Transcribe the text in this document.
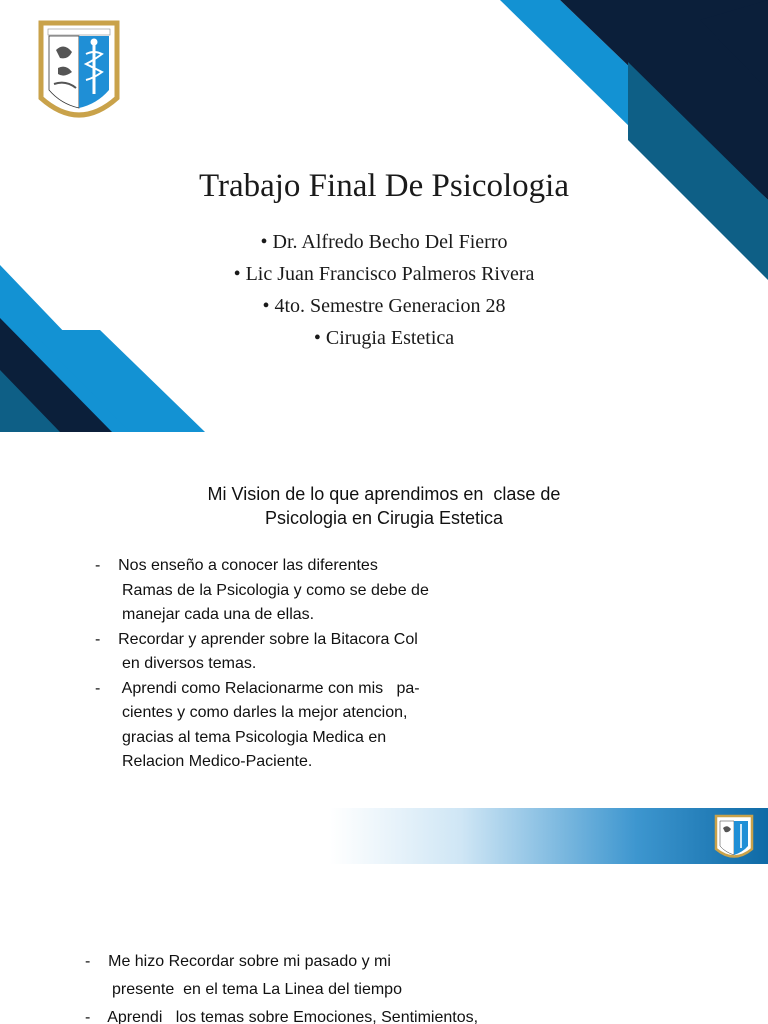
Trabajo Final De Psicologia
• Dr. Alfredo Becho Del Fierro
• Lic Juan Francisco Palmeros Rivera
• 4to. Semestre Generacion 28
• Cirugia Estetica
Mi Vision de lo que aprendimos en  clase de
Psicologia en Cirugia Estetica
-    Nos enseño a conocer las diferentes
Ramas de la Psicologia y como se debe de
manejar cada una de ellas.
-    Recordar y aprender sobre la Bitacora Col
en diversos temas.
-     Aprendi como Relacionarme con mis   pa-
cientes y como darles la mejor atencion,
gracias al tema Psicologia Medica en
Relacion Medico-Paciente.
-    Me hizo Recordar sobre mi pasado y mi
presente  en el tema La Linea del tiempo
-    Aprendi   los temas sobre Emociones, Sentimientos,
